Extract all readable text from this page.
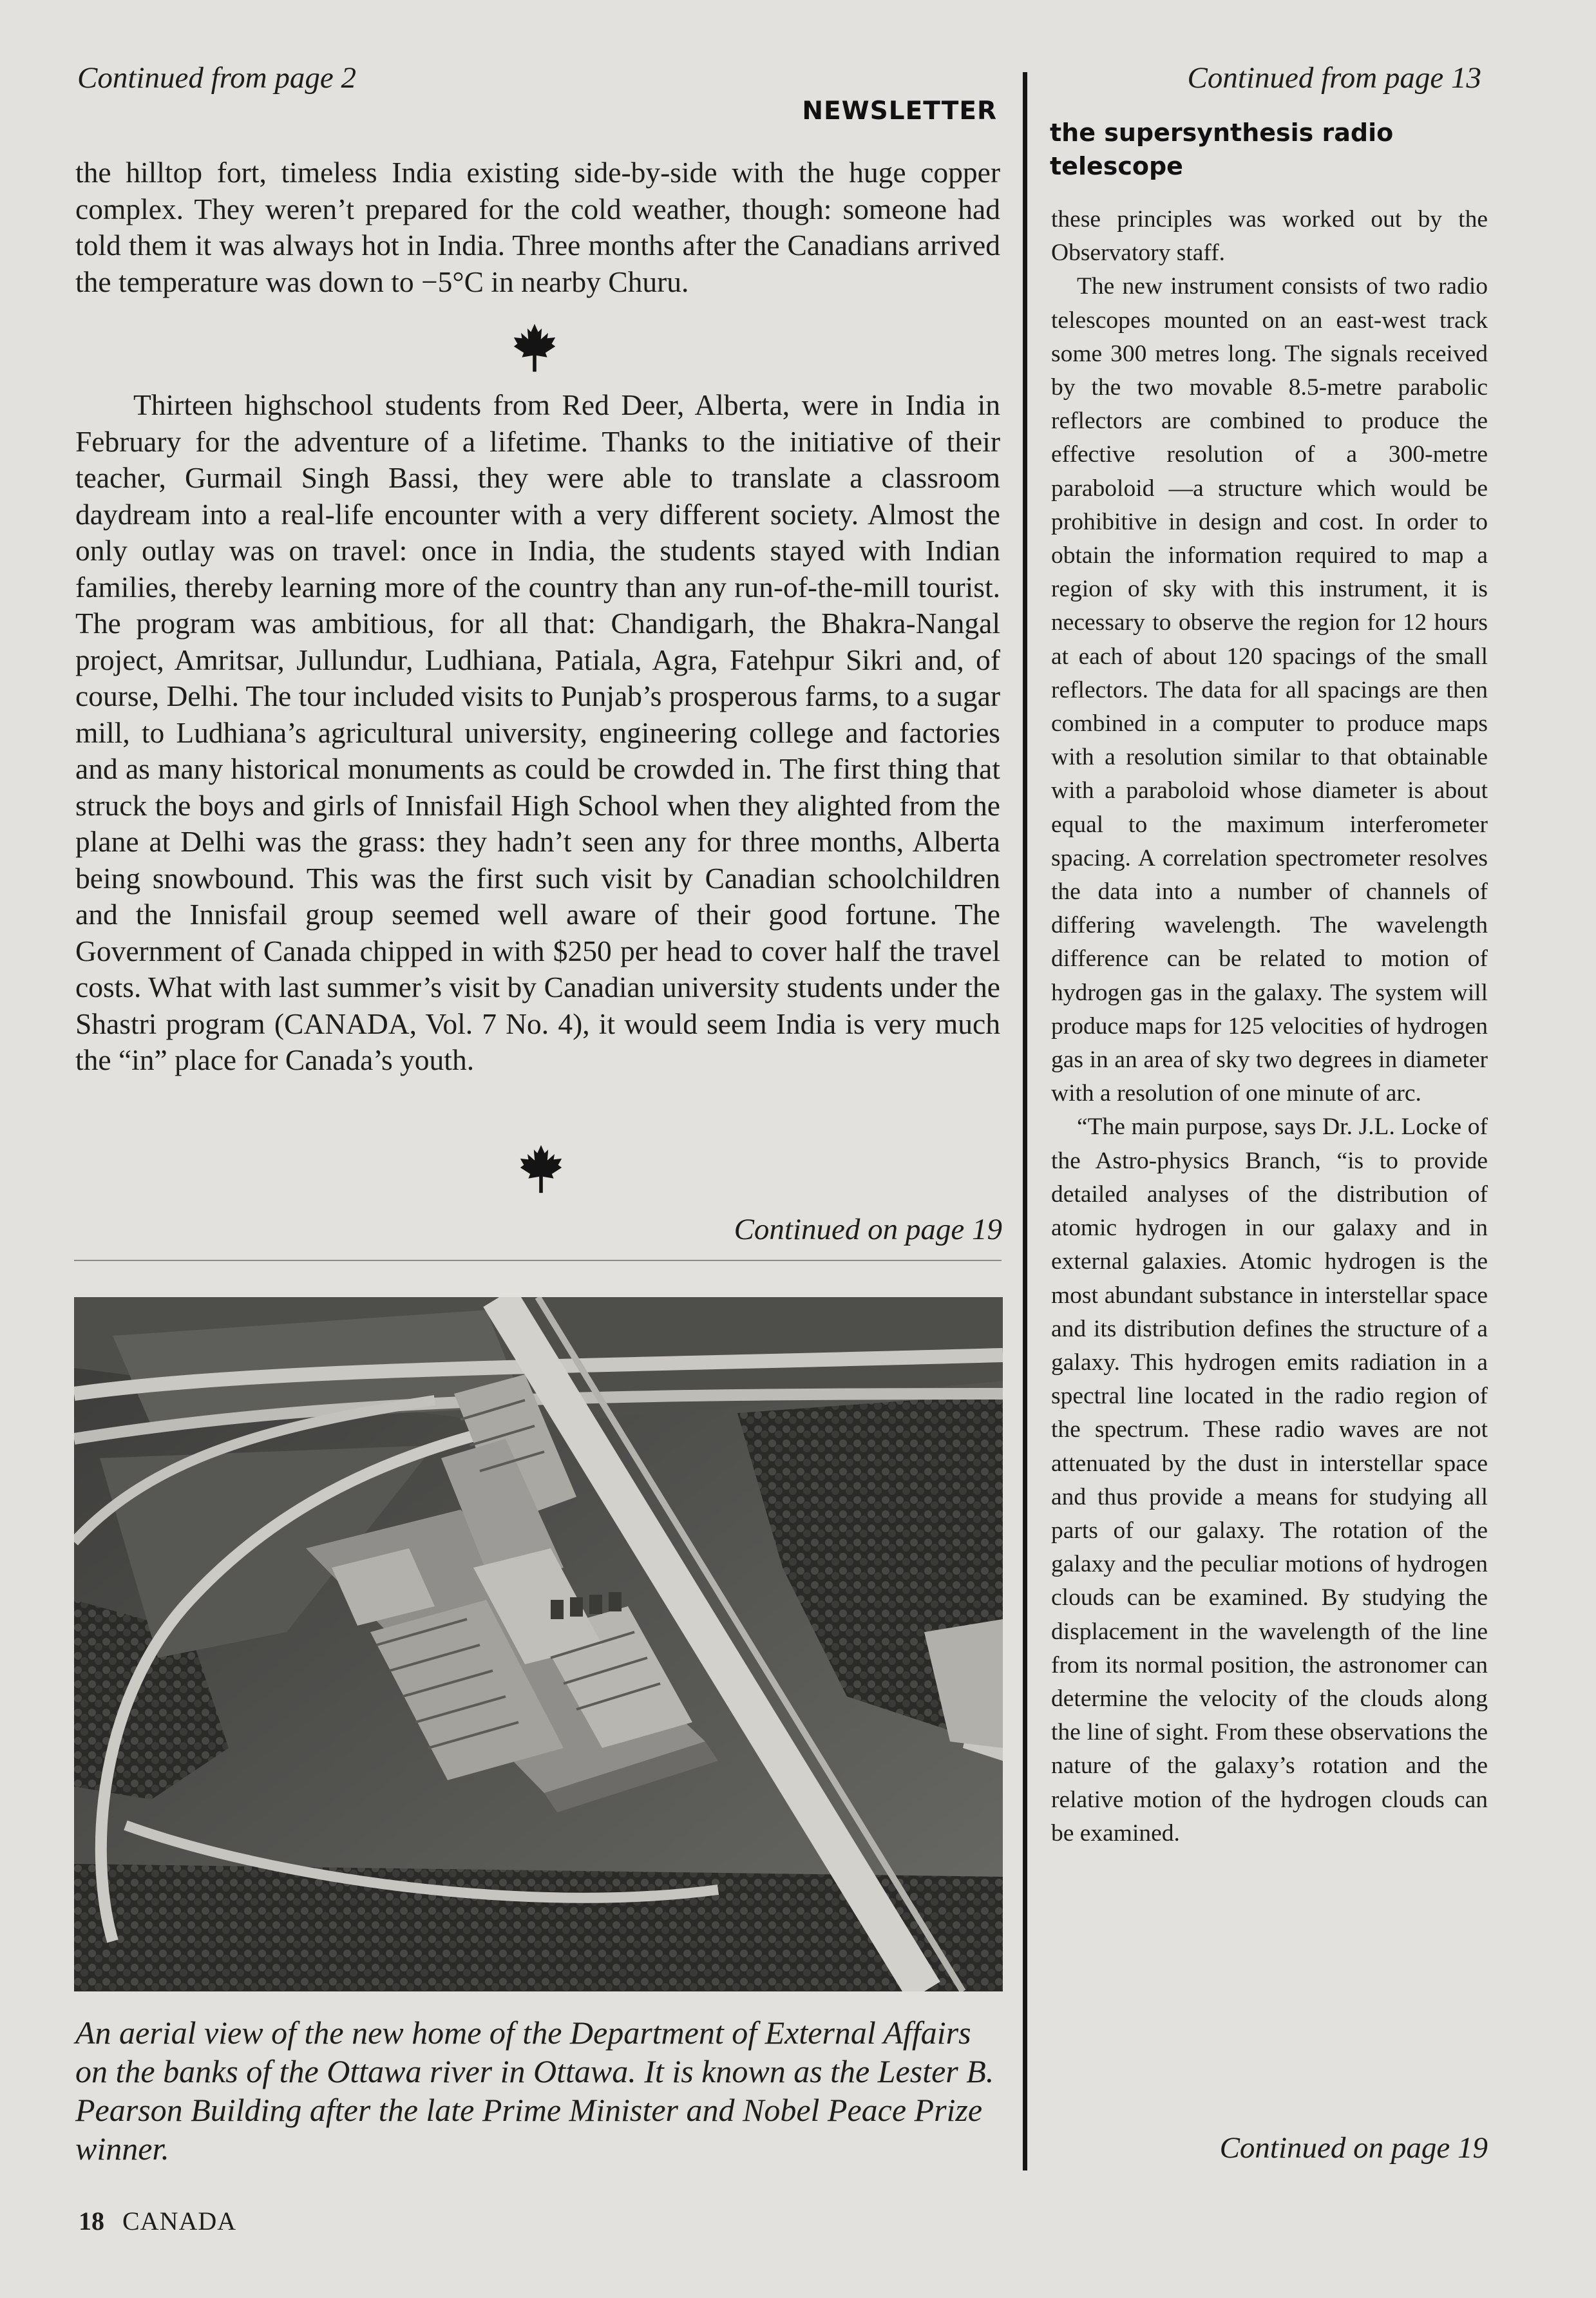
Continued from page 2
NEWSLETTER

the hilltop fort, timeless India existing side-by-side with the huge copper complex. They weren’t prepared for the cold weather, though: someone had told them it was always hot in India. Three months after the Canadians arrived the temperature was down to −5°C in nearby Churu.

Thirteen highschool students from Red Deer, Alberta, were in India in February for the adventure of a lifetime. Thanks to the initiative of their teacher, Gurmail Singh Bassi, they were able to translate a classroom daydream into a real-life encounter with a very different society. Almost the only outlay was on travel: once in India, the students stayed with Indian families, thereby learning more of the country than any run-of-the-mill tourist. The program was ambitious, for all that: Chandigarh, the Bhakra-Nangal project, Amritsar, Jullundur, Ludhiana, Patiala, Agra, Fatehpur Sikri and, of course, Delhi. The tour included visits to Punjab’s prosperous farms, to a sugar mill, to Ludhiana’s agricultural university, engineering college and factories and as many historical monuments as could be crowded in. The first thing that struck the boys and girls of Innisfail High School when they alighted from the plane at Delhi was the grass: they hadn’t seen any for three months, Alberta being snowbound. This was the first such visit by Canadian schoolchildren and the Innisfail group seemed well aware of their good fortune. The Government of Canada chipped in with $250 per head to cover half the travel costs. What with last summer’s visit by Canadian university students under the Shastri program (CANADA, Vol. 7 No. 4), it would seem India is very much the “in” place for Canada’s youth.

Continued on page 19
An aerial view of the new home of the Department of External Affairs on the banks of the Ottawa river in Ottawa. It is known as the Lester B. Pearson Building after the late Prime Minister and Nobel Peace Prize winner.
18 CANADA
Continued from page 13
the supersynthesis radio telescope

these principles was worked out by the Observatory staff.

The new instrument consists of two radio telescopes mounted on an east-west track some 300 metres long. The signals received by the two movable 8.5-metre parabolic reflectors are combined to produce the effective resolution of a 300-metre paraboloid —a structure which would be prohibitive in design and cost. In order to obtain the information required to map a region of sky with this instrument, it is necessary to observe the region for 12 hours at each of about 120 spacings of the small reflectors. The data for all spacings are then combined in a computer to produce maps with a resolution similar to that obtainable with a paraboloid whose diameter is about equal to the maximum interferometer spacing. A correlation spectrometer resolves the data into a number of channels of differing wavelength. The wavelength difference can be related to motion of hydrogen gas in the galaxy. The system will produce maps for 125 velocities of hydrogen gas in an area of sky two degrees in diameter with a resolution of one minute of arc.

“The main purpose, says Dr. J.L. Locke of the Astro-physics Branch, “is to provide detailed analyses of the distribution of atomic hydrogen in our galaxy and in external galaxies. Atomic hydrogen is the most abundant substance in interstellar space and its distribution defines the structure of a galaxy. This hydrogen emits radiation in a spectral line located in the radio region of the spectrum. These radio waves are not attenuated by the dust in interstellar space and thus provide a means for studying all parts of our galaxy. The rotation of the galaxy and the peculiar motions of hydrogen clouds can be examined. By studying the displacement in the wavelength of the line from its normal position, the astronomer can determine the velocity of the clouds along the line of sight. From these observations the nature of the galaxy’s rotation and the relative motion of the hydrogen clouds can be examined.

Continued on page 19
